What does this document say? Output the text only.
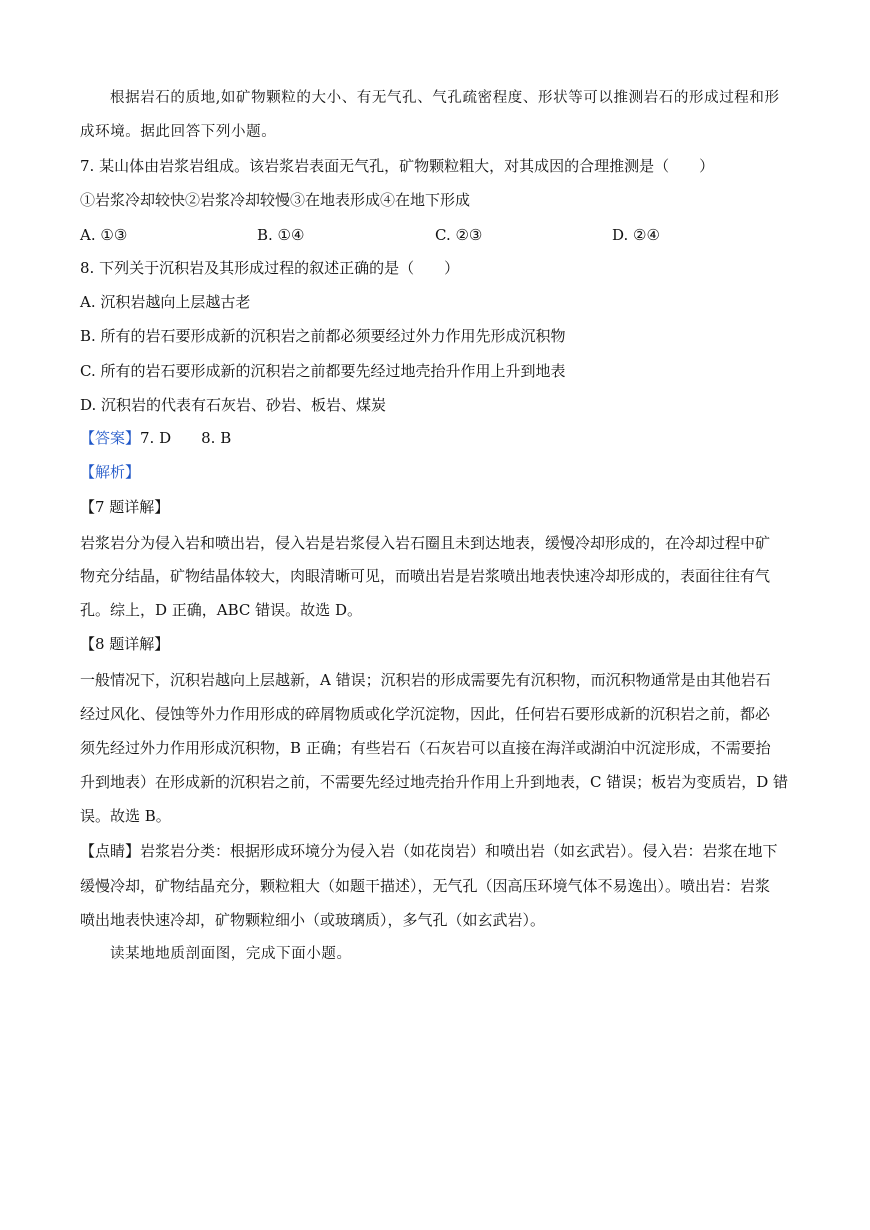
根据岩石的质地,如矿物颗粒的大小、有无气孔、气孔疏密程度、形状等可以推测岩石的形成过程和形
成环境。据此回答下列小题。
7. 某山体由岩浆岩组成。该岩浆岩表面无气孔，矿物颗粒粗大，对其成因的合理推测是（　　）
①岩浆冷却较快②岩浆冷却较慢③在地表形成④在地下形成
A. ①③	B. ①④	C. ②③	D. ②④
8. 下列关于沉积岩及其形成过程的叙述正确的是（　　）
A. 沉积岩越向上层越古老
B. 所有的岩石要形成新的沉积岩之前都必须要经过外力作用先形成沉积物
C. 所有的岩石要形成新的沉积岩之前都要先经过地壳抬升作用上升到地表
D. 沉积岩的代表有石灰岩、砂岩、板岩、煤炭
【答案】7. D　　8. B
【解析】
【7 题详解】
岩浆岩分为侵入岩和喷出岩，侵入岩是岩浆侵入岩石圈且未到达地表，缓慢冷却形成的，在冷却过程中矿
物充分结晶，矿物结晶体较大，肉眼清晰可见，而喷出岩是岩浆喷出地表快速冷却形成的，表面往往有气
孔。综上，D 正确，ABC 错误。故选 D。
【8 题详解】
一般情况下，沉积岩越向上层越新，A 错误；沉积岩的形成需要先有沉积物，而沉积物通常是由其他岩石
经过风化、侵蚀等外力作用形成的碎屑物质或化学沉淀物，因此，任何岩石要形成新的沉积岩之前，都必
须先经过外力作用形成沉积物，B 正确；有些岩石（石灰岩可以直接在海洋或湖泊中沉淀形成，不需要抬
升到地表）在形成新的沉积岩之前，不需要先经过地壳抬升作用上升到地表，C 错误；板岩为变质岩，D 错
误。故选 B。
【点睛】岩浆岩分类：根据形成环境分为侵入岩（如花岗岩）和喷出岩（如玄武岩）。侵入岩：岩浆在地下
缓慢冷却，矿物结晶充分，颗粒粗大（如题干描述），无气孔（因高压环境气体不易逸出）。喷出岩：岩浆
喷出地表快速冷却，矿物颗粒细小（或玻璃质），多气孔（如玄武岩）。
读某地地质剖面图，完成下面小题。
